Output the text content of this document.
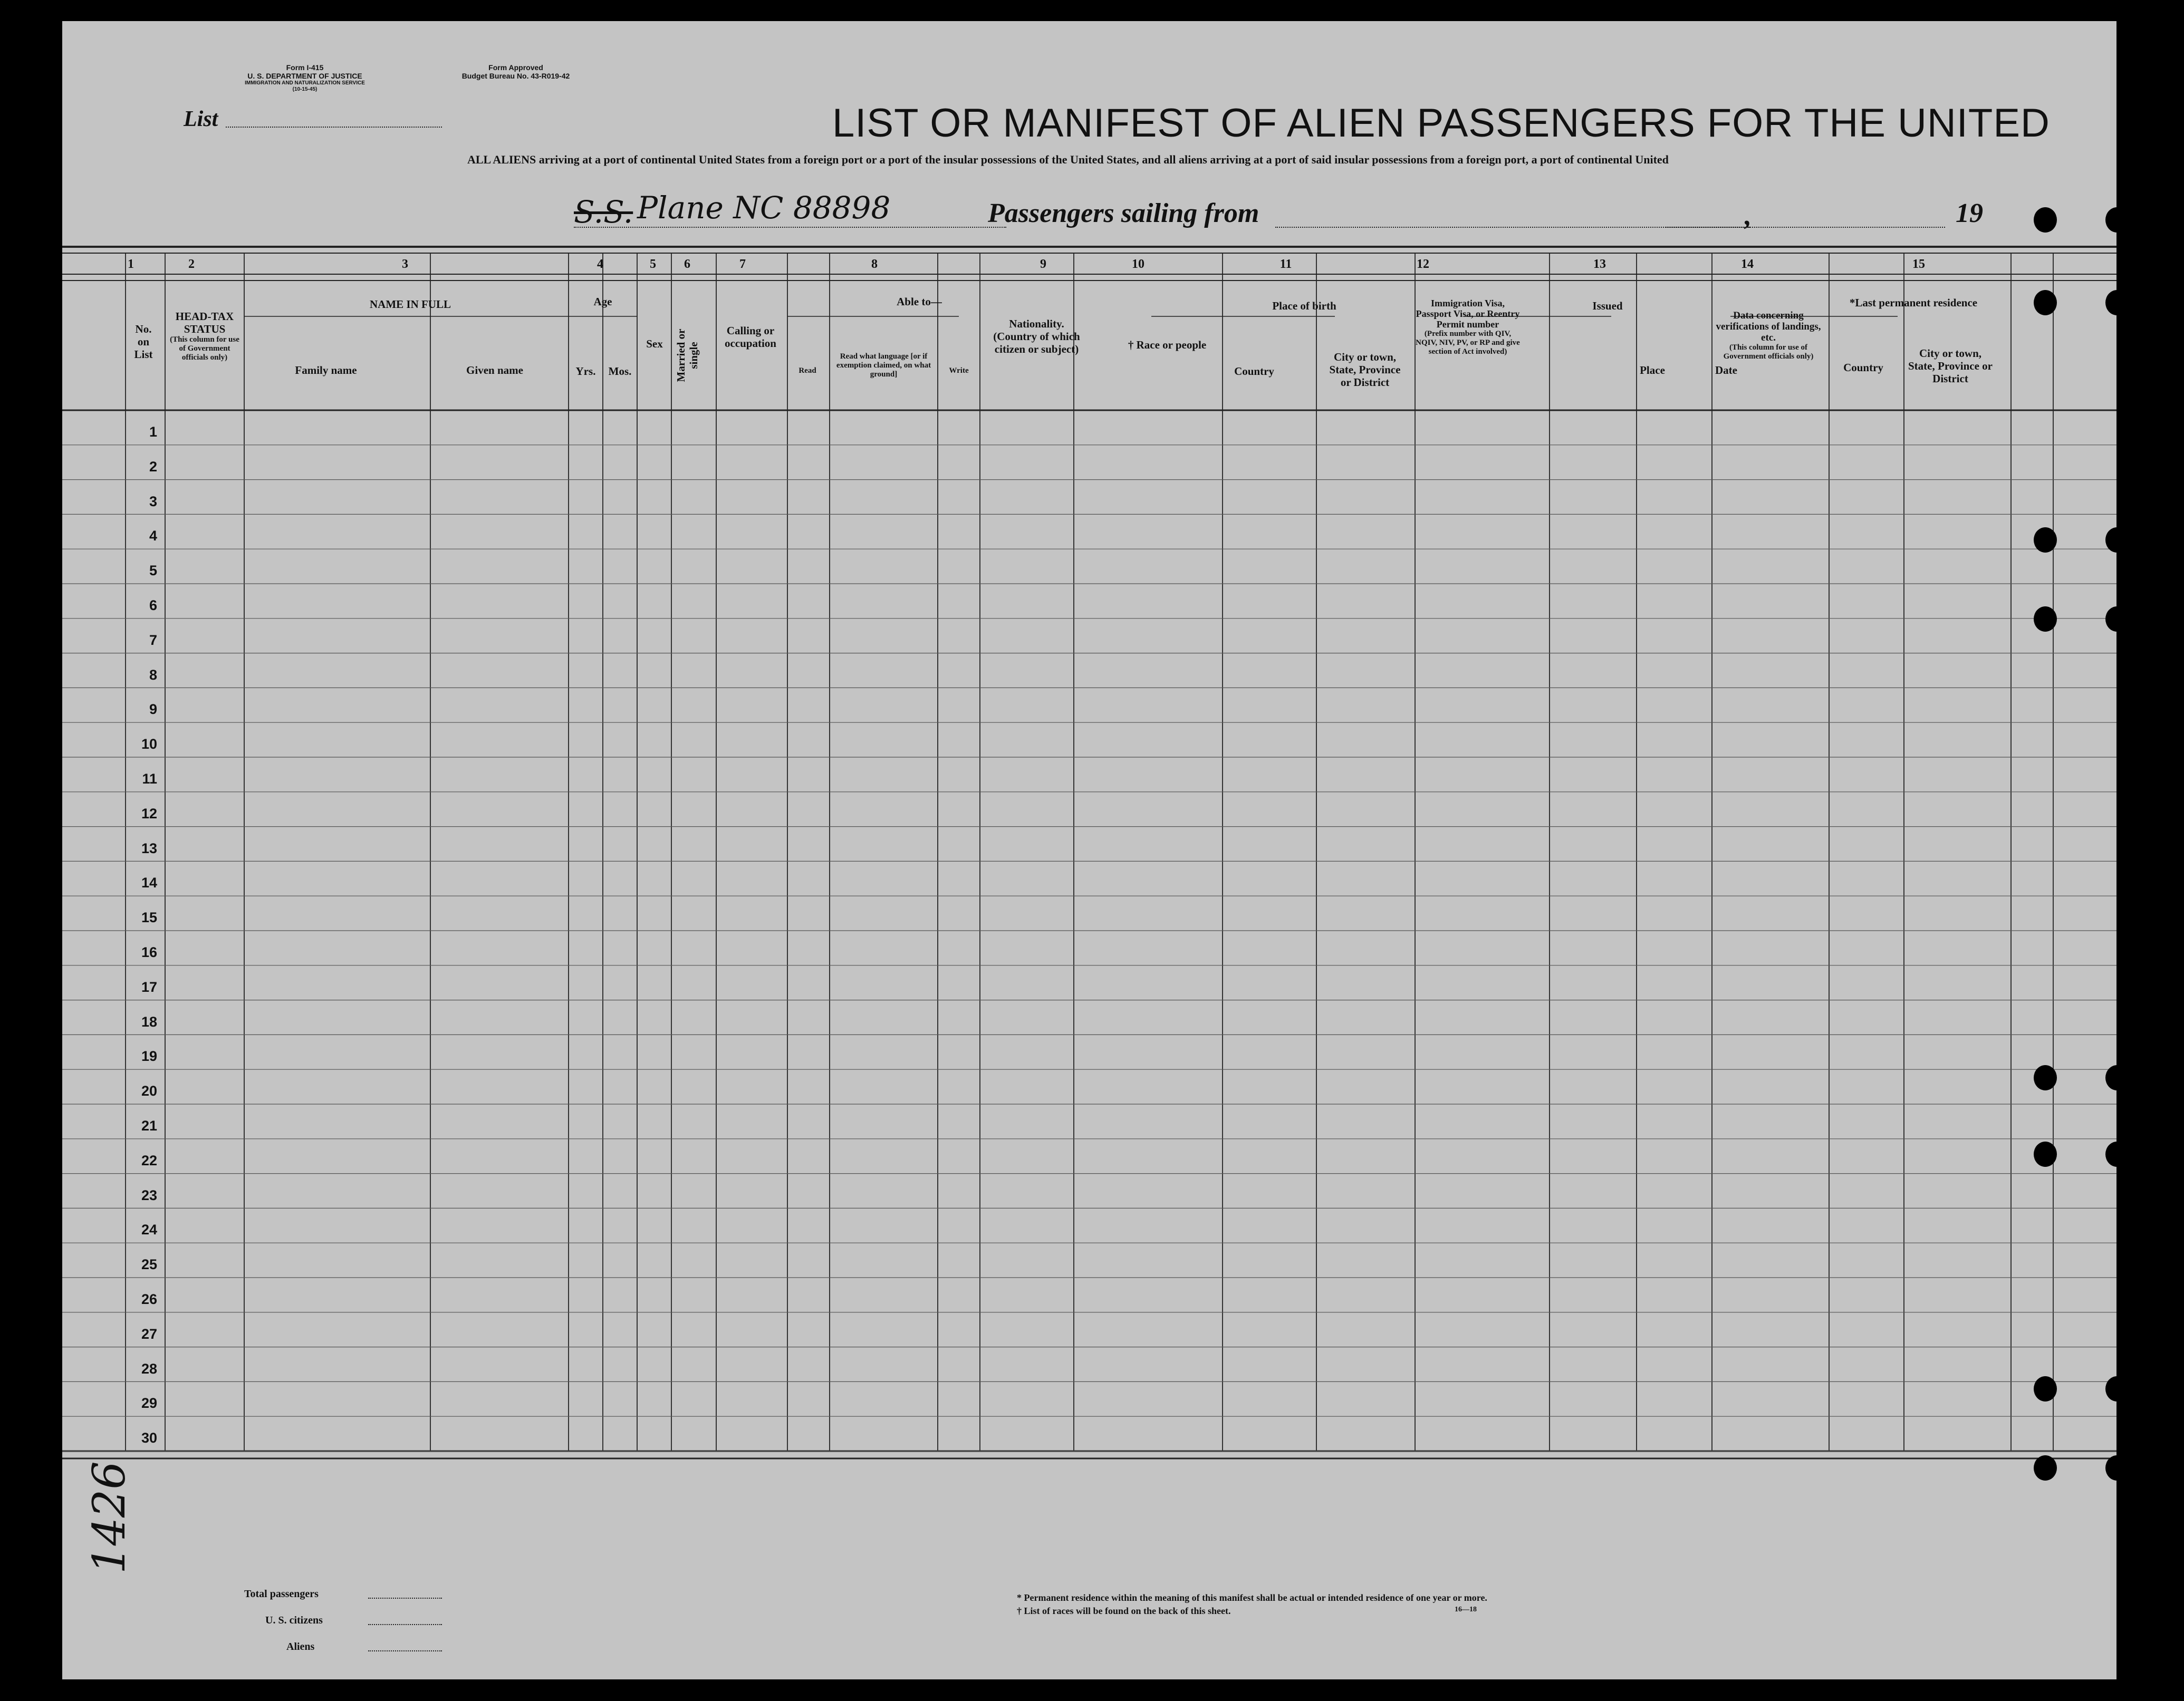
Form I-415
U. S. DEPARTMENT OF JUSTICE
IMMIGRATION AND NATURALIZATION SERVICE
(10-15-45)
Form Approved
Budget Bureau No. 43-R019-42
List	LIST OR MANIFEST OF ALIEN PASSENGERS FOR THE UNITED
ALL ALIENS arriving at a port of continental United States from a foreign port or a port of the insular possessions of the United States, and all aliens arriving at a port of said insular possessions from a foreign port, a port of continental United
S.S. Plane NC 88898	Passengers sailing from	,	19
1	2	3	4	5	6	7	8	9	10	11	12	13	14	15
No. on List
HEAD-TAX STATUS
(This column for use of Government officials only)
NAME IN FULL
Family name	Given name
Age
Yrs.	Mos.
Sex	Married or single
Calling or occupation
Able to—
Read
Read what language [or if exemption claimed, on what ground]	Write
Nationality. (Country of which citizen or subject)	† Race or people
Place of birth
Country
City or town, State, Province or District
Immigration Visa, Passport Visa, or Reentry Permit number
(Prefix number with QIV, NQIV, NIV, PV, or RP and give section of Act involved)
Issued
Place	Date
Data concerning verifications of landings, etc.
(This column for use of Government officials only)
*Last permanent residence
Country
City or town, State, Province or District
1
2
3
4
5
6
7
8
9
10
11
12
13
14
15
16
17
18
19
20
21
22
23
24
25
26
27
28
29
30
1426
Total passengers
U. S. citizens
Aliens
* Permanent residence within the meaning of this manifest shall be actual or intended residence of one year or more.
† List of races will be found on the back of this sheet.	16—18
